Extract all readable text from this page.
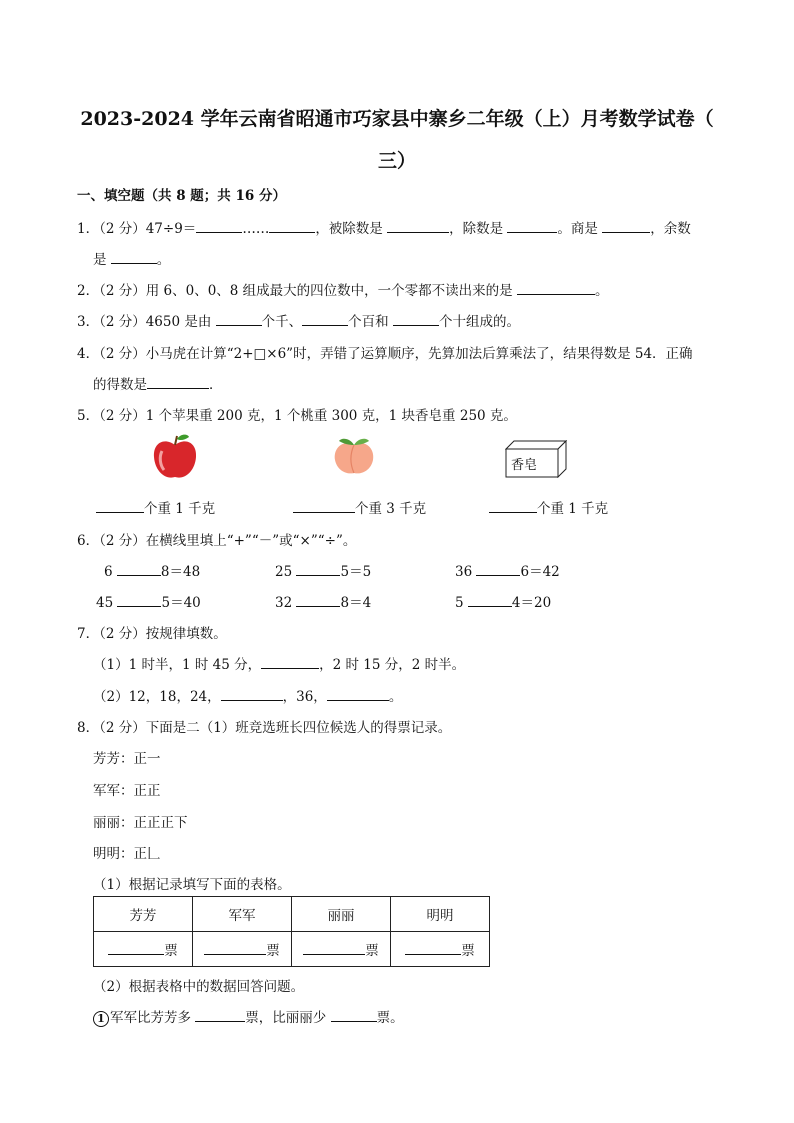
2023-2024 学年云南省昭通市巧家县中寨乡二年级（上）月考数学试卷（
三）
一、填空题（共 8 题；共 16 分）
1．（2 分）47÷9＝	……	，被除数是	，除数是	。商是	，余数
是	。
2．（2 分）用 6、0、0、8 组成最大的四位数中，一个零都不读出来的是	。
3．（2 分）4650 是由	个千、	个百和	个十组成的。
4．（2 分）小马虎在计算“2+□×6”时，弄错了运算顺序，先算加法后算乘法了，结果得数是 54．正确
的得数是	．
5．（2 分）1 个苹果重 200 克，1 个桃重 300 克，1 块香皂重 250 克。
香皂
个重 1 千克	个重 3 千克	个重 1 千克
6．（2 分）在横线里填上“+”“－”或“×”“÷”。
6	8＝48	25	5＝5	36	6＝42
45	5＝40	32	8＝4	5	4＝20
7．（2 分）按规律填数。
（1）1 时半，1 时 45 分，	，2 时 15 分，2 时半。
（2）12，18，24，	，36，	。
8．（2 分）下面是二（1）班竞选班长四位候选人的得票记录。
芳芳：正一
军军：正正
丽丽：正正正下
明明：正𠃊
（1）根据记录填写下面的表格。
芳芳	军军	丽丽	明明
票	票	票	票
（2）根据表格中的数据回答问题。
1 军军比芳芳多	票，比丽丽少	票。
